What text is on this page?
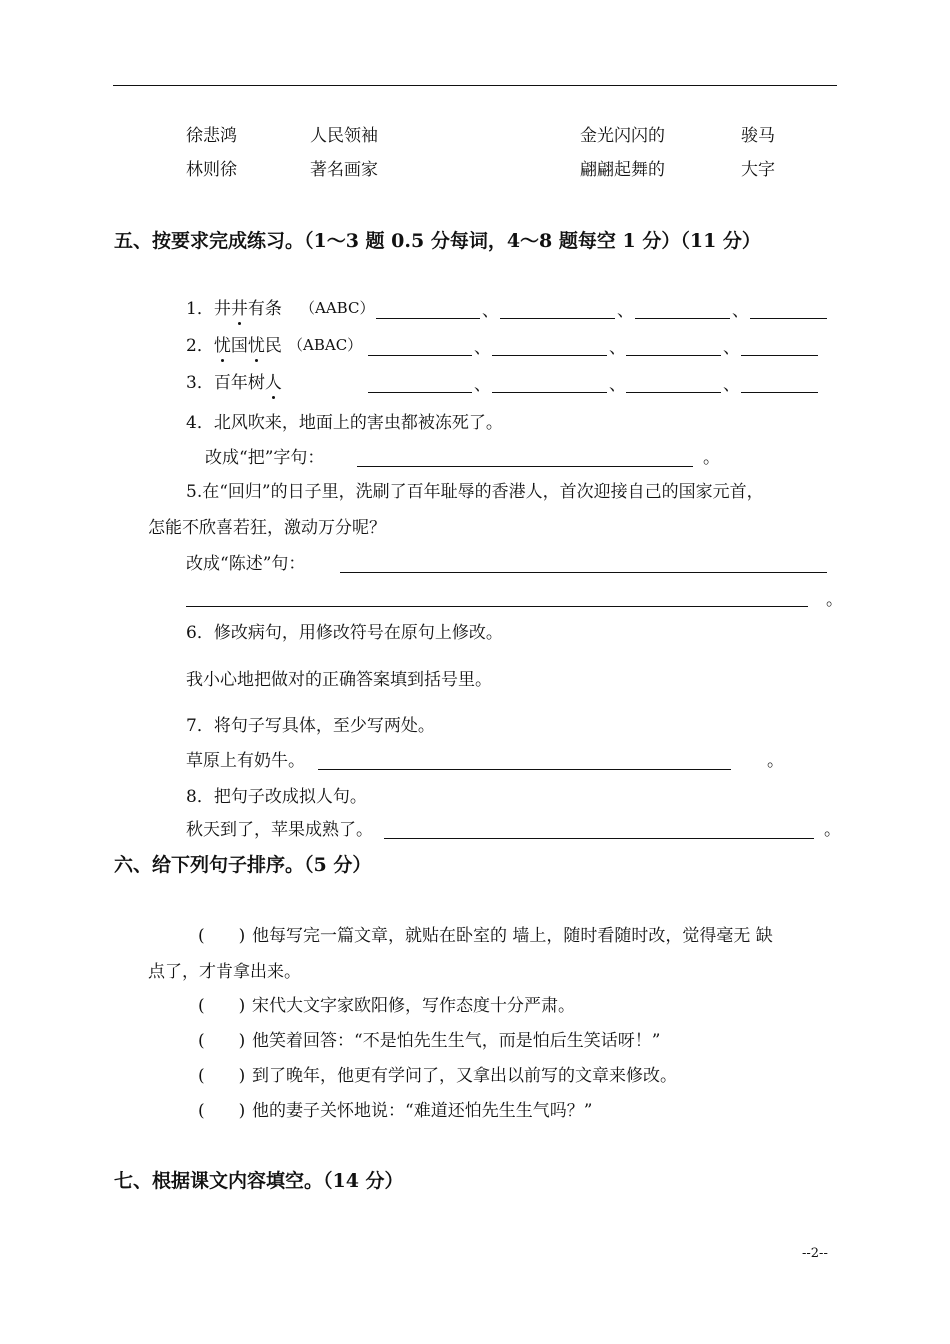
徐悲鸿	人民领袖	金光闪闪的	骏马
林则徐	著名画家	翩翩起舞的	大字
五、按要求完成练习。（1～3 题 0.5 分每词，4～8 题每空 1 分）（11 分）
1．井井有条 （AABC）	、	、	、
2．忧国忧民 （ABAC）	、	、	、
3．百年树人	、	、	、
4．北风吹来，地面上的害虫都被冻死了。
改成“把”字句：	。
5.在“回归”的日子里，洗刷了百年耻辱的香港人，首次迎接自己的国家元首，
怎能不欣喜若狂，激动万分呢？
改成“陈述”句：
。
6．修改病句，用修改符号在原句上修改。
我小心地把做对的正确答案填到括号里。
7．将句子写具体，至少写两处。
草原上有奶牛。	。
8．把句子改成拟人句。
秋天到了，苹果成熟了。	。
六、给下列句子排序。（5 分）
(　　) 他每写完一篇文章，就贴在卧室的 墙上，随时看随时改，觉得毫无 缺
点了，才肯拿出来。
(　　) 宋代大文字家欧阳修，写作态度十分严肃。
(　　) 他笑着回答：“不是怕先生生气，而是怕后生笑话呀！”
(　　) 到了晚年，他更有学问了，又拿出以前写的文章来修改。
(　　) 他的妻子关怀地说：“难道还怕先生生气吗？”
七、根据课文内容填空。（14 分）
--2--
